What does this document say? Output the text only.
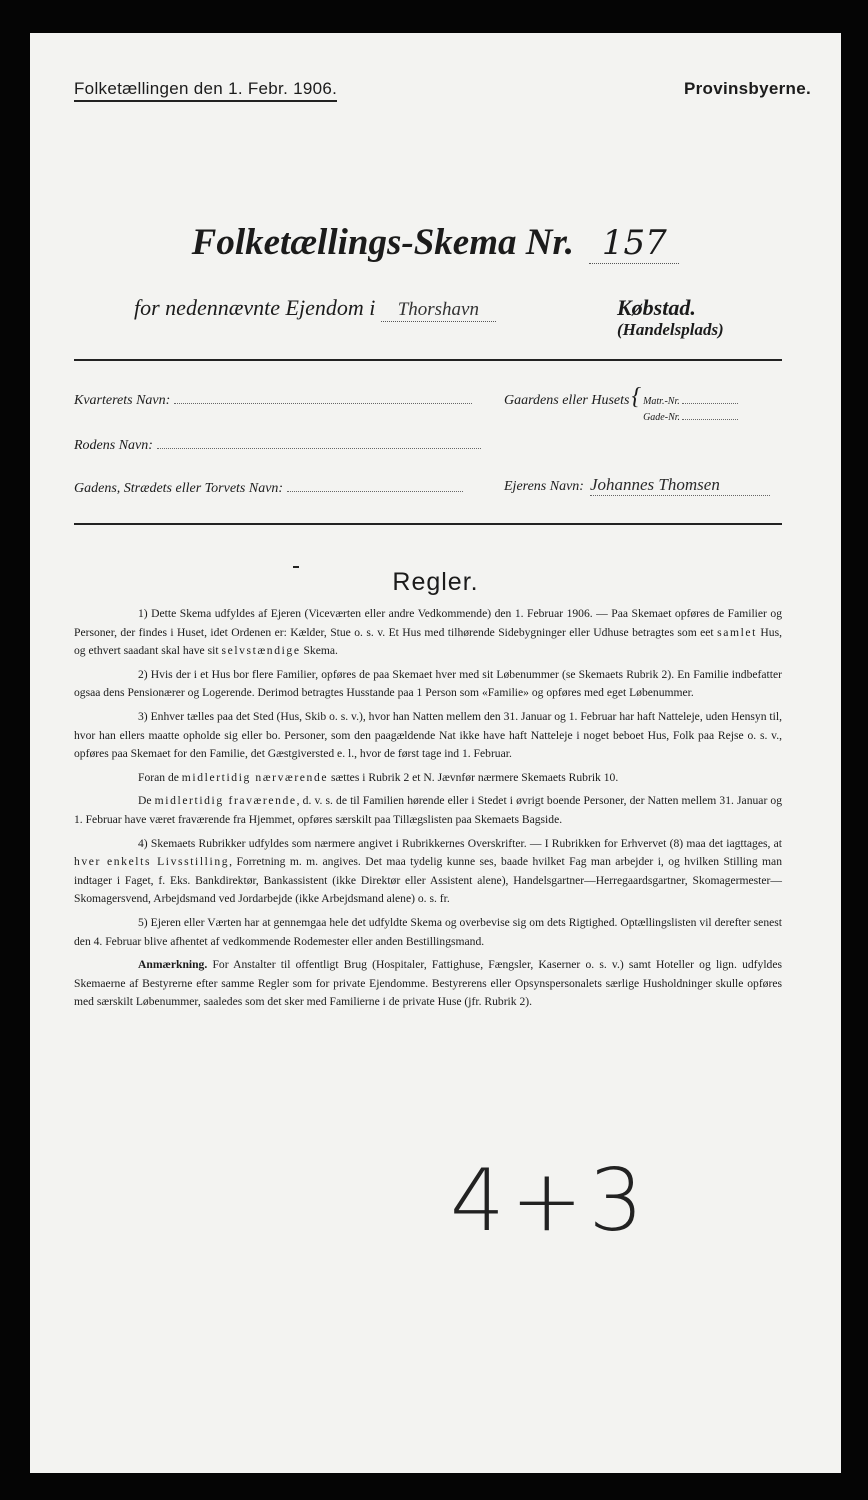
Folketællingen den 1. Febr. 1906.	Provinsbyerne.
Folketællings-Skema Nr. 157
for nedennævnte Ejendom i Thorshavn	Købstad.
(Handelsplads)
Kvarterets Navn:	Gaardens eller Husets { Matr.-Nr.
Gade-Nr.
Rodens Navn:
Gadens, Strædets eller Torvets Navn:	Ejerens Navn: Johannes Thomsen
Regler.

1) Dette Skema udfyldes af Ejeren (Viceværten eller andre Vedkommende) den 1. Februar 1906. — Paa Skemaet opføres de Familier og Personer, der findes i Huset, idet Ordenen er: Kælder, Stue o. s. v. Et Hus med tilhørende Sidebygninger eller Udhuse betragtes som eet samlet Hus, og ethvert saadant skal have sit selvstændige Skema.

2) Hvis der i et Hus bor flere Familier, opføres de paa Skemaet hver med sit Løbenummer (se Skemaets Rubrik 2). En Familie indbefatter ogsaa dens Pensionærer og Logerende. Derimod betragtes Husstande paa 1 Person som «Familie» og opføres med eget Løbenummer.

3) Enhver tælles paa det Sted (Hus, Skib o. s. v.), hvor han Natten mellem den 31. Januar og 1. Februar har haft Natteleje, uden Hensyn til, hvor han ellers maatte opholde sig eller bo. Personer, som den paagældende Nat ikke have haft Natteleje i noget beboet Hus, Folk paa Rejse o. s. v., opføres paa Skemaet for den Familie, det Gæstgiversted e. l., hvor de først tage ind 1. Februar.

Foran de midlertidig nærværende sættes i Rubrik 2 et N. Jævnfør nærmere Skemaets Rubrik 10.

De midlertidig fraværende, d. v. s. de til Familien hørende eller i Stedet i øvrigt boende Personer, der Natten mellem 31. Januar og 1. Februar have været fraværende fra Hjemmet, opføres særskilt paa Tillægslisten paa Skemaets Bagside.

4) Skemaets Rubrikker udfyldes som nærmere angivet i Rubrikkernes Overskrifter. — I Rubrikken for Erhvervet (8) maa det iagttages, at hver enkelts Livsstilling, Forretning m. m. angives. Det maa tydelig kunne ses, baade hvilket Fag man arbejder i, og hvilken Stilling man indtager i Faget, f. Eks. Bankdirektør, Bankassistent (ikke Direktør eller Assistent alene), Handelsgartner—Herregaardsgartner, Skomagermester—Skomagersvend, Arbejdsmand ved Jordarbejde (ikke Arbejdsmand alene) o. s. fr.

5) Ejeren eller Værten har at gennemgaa hele det udfyldte Skema og overbevise sig om dets Rigtighed. Optællingslisten vil derefter senest den 4. Februar blive afhentet af vedkommende Rodemester eller anden Bestillingsmand.

Anmærkning. For Anstalter til offentligt Brug (Hospitaler, Fattighuse, Fængsler, Kaserner o. s. v.) samt Hoteller og lign. udfyldes Skemaerne af Bestyrerne efter samme Regler som for private Ejendomme. Bestyrerens eller Opsynspersonalets særlige Husholdninger skulle opføres med særskilt Løbenummer, saaledes som det sker med Familierne i de private Huse (jfr. Rubrik 2).

4+3
